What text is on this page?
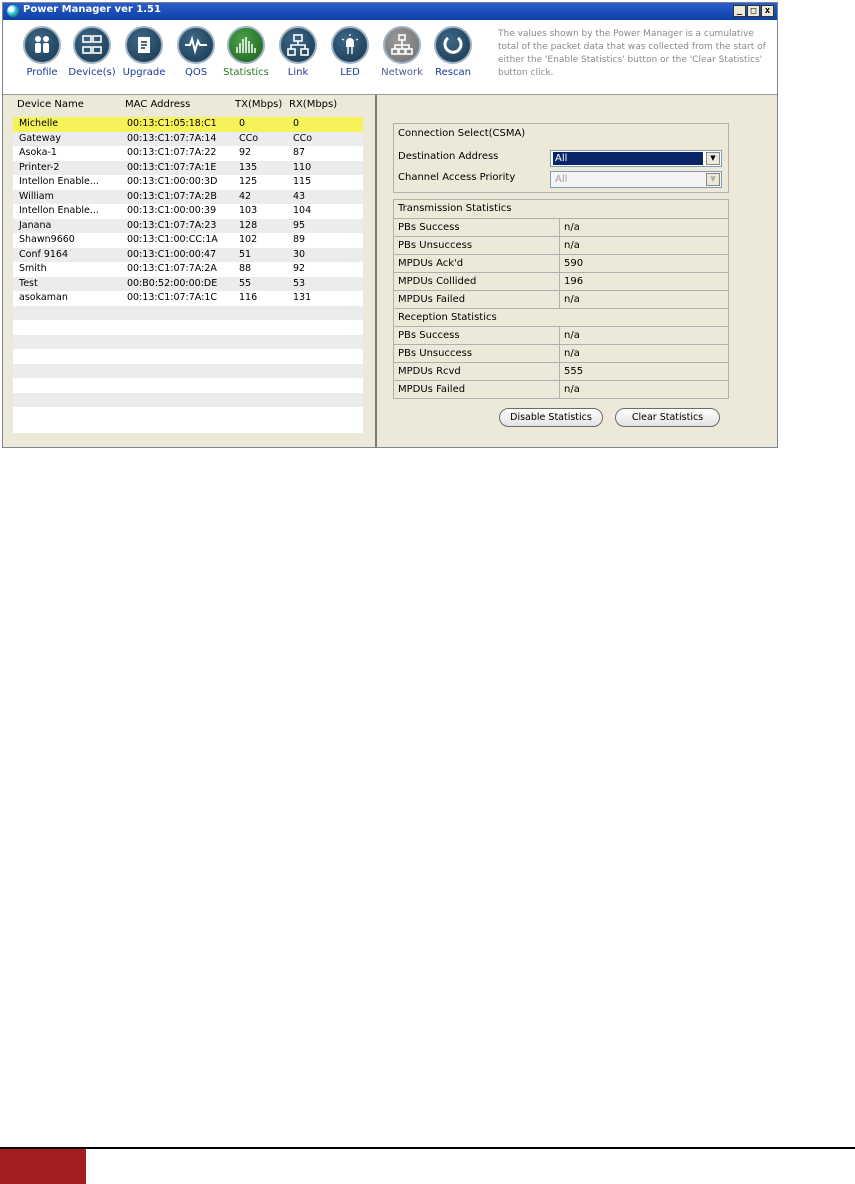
Power Manager ver 1.51	_ □ x
Profile	Device(s) Upgrade	QOS	Statistics	Link	LED	Network	Rescan
The values shown by the Power Manager is a cumulative total of the packet data that was collected from the start of either the 'Enable Statistics' button or the 'Clear Statistics' button click.
Device Name	MAC Address	TX(Mbps) RX(Mbps)
Michelle	00:13:C1:05:18:C1 0	0
Gateway	00:13:C1:07:7A:14 CCo	CCo
Asoka-1	00:13:C1:07:7A:22 92	87
Printer-2	00:13:C1:07:7A:1E 135	110
Intellon Enable...	00:13:C1:00:00:3D 125	115
William	00:13:C1:07:7A:2B 42	43
Intellon Enable...	00:13:C1:00:00:39 103	104
Janana	00:13:C1:07:7A:23 128	95
Shawn9660	00:13:C1:00:CC:1A 102	89
Conf 9164	00:13:C1:00:00:47 51	30
Smith	00:13:C1:07:7A:2A 88	92
Test	00:B0:52:00:00:DE 55	53
asokaman	00:13:C1:07:7A:1C 116	131
Connection Select(CSMA)
Destination Address	All	▼
Channel Access Priority	All	▼
Transmission Statistics
PBs Success	n/a
PBs Unsuccess	n/a
MPDUs Ack'd	590
MPDUs Collided	196
MPDUs Failed	n/a
Reception Statistics
PBs Success	n/a
PBs Unsuccess	n/a
MPDUs Rcvd	555
MPDUs Failed	n/a
Disable Statistics	Clear Statistics
